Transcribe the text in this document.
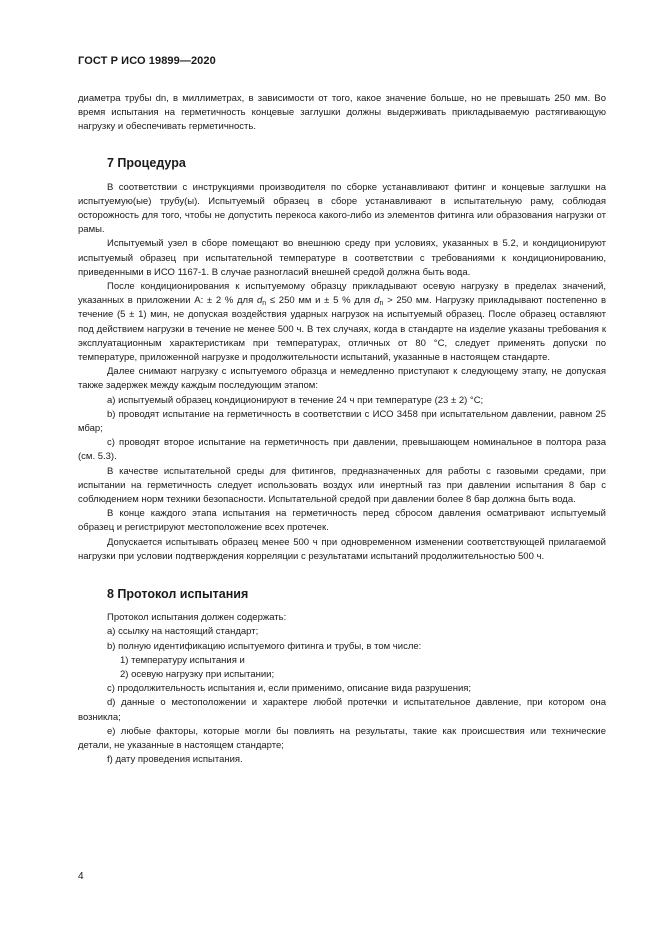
ГОСТ Р ИСО 19899—2020

диаметра трубы dn, в миллиметрах, в зависимости от того, какое значение больше, но не превышать 250 мм. Во время испытания на герметичность концевые заглушки должны выдерживать прикладываемую растягивающую нагрузку и обеспечивать герметичность.

7 Процедура

В соответствии с инструкциями производителя по сборке устанавливают фитинг и концевые заглушки на испытуемую(ые) трубу(ы). Испытуемый образец в сборе устанавливают в испытательную раму, соблюдая осторожность для того, чтобы не допустить перекоса какого-либо из элементов фитинга или образования нагрузки от рамы.

Испытуемый узел в сборе помещают во внешнюю среду при условиях, указанных в 5.2, и кондиционируют испытуемый образец при испытательной температуре в соответствии с требованиями к кондиционированию, приведенными в ИСО 1167-1. В случае разногласий внешней средой должна быть вода.

После кондиционирования к испытуемому образцу прикладывают осевую нагрузку в пределах значений, указанных в приложении А: ± 2 % для $d_n \le 250$ мм и ± 5 % для $d_n > 250$ мм. Нагрузку прикладывают постепенно в течение (5 ± 1) мин, не допуская воздействия ударных нагрузок на испытуемый образец. После образец оставляют под действием нагрузки в течение не менее 500 ч. В тех случаях, когда в стандарте на изделие указаны требования к эксплуатационным характеристикам при температурах, отличных от 80 °С, следует применять допуски по температуре, приложенной нагрузке и продолжительности испытаний, указанные в настоящем стандарте.

Далее снимают нагрузку с испытуемого образца и немедленно приступают к следующему этапу, не допуская также задержек между каждым последующим этапом:

a) испытуемый образец кондиционируют в течение 24 ч при температуре (23 ± 2) °С;

b) проводят испытание на герметичность в соответствии с ИСО 3458 при испытательном давлении, равном 25 мбар;

c) проводят второе испытание на герметичность при давлении, превышающем номинальное в полтора раза (см. 5.3).

В качестве испытательной среды для фитингов, предназначенных для работы с газовыми средами, при испытании на герметичность следует использовать воздух или инертный газ при давлении испытания 8 бар с соблюдением норм техники безопасности. Испытательной средой при давлении более 8 бар должна быть вода.

В конце каждого этапа испытания на герметичность перед сбросом давления осматривают испытуемый образец и регистрируют местоположение всех протечек.

Допускается испытывать образец менее 500 ч при одновременном изменении соответствующей прилагаемой нагрузки при условии подтверждения корреляции с результатами испытаний продолжительностью 500 ч.

8 Протокол испытания

Протокол испытания должен содержать:

a) ссылку на настоящий стандарт;

b) полную идентификацию испытуемого фитинга и трубы, в том числе:

1) температуру испытания и

2) осевую нагрузку при испытании;

c) продолжительность испытания и, если применимо, описание вида разрушения;

d) данные о местоположении и характере любой протечки и испытательное давление, при котором она возникла;

e) любые факторы, которые могли бы повлиять на результаты, такие как происшествия или технические детали, не указанные в настоящем стандарте;

f) дату проведения испытания.

4
